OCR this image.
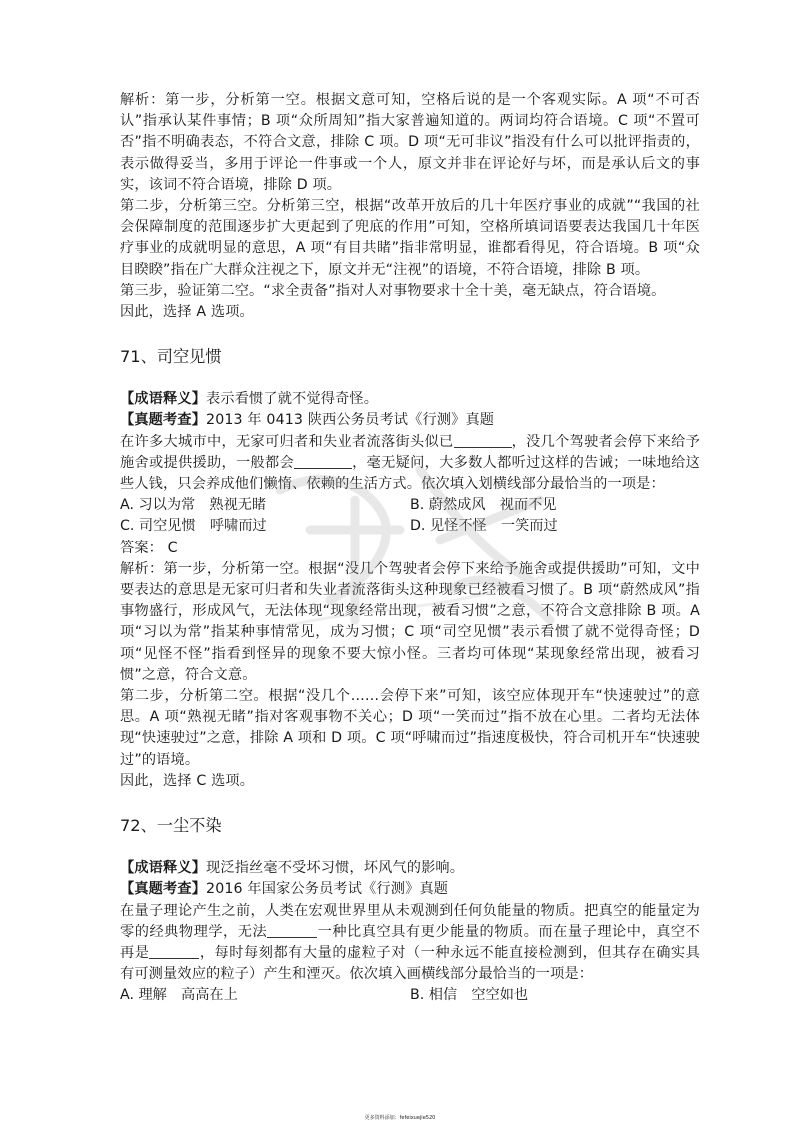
解析：第一步，分析第一空。根据文意可知，空格后说的是一个客观实际。A 项“不可否认”指承认某件事情；B 项“众所周知”指大家普遍知道的。两词均符合语境。C 项“不置可否”指不明确表态，不符合文意，排除 C 项。D 项“无可非议”指没有什么可以批评指责的，表示做得妥当，多用于评论一件事或一个人，原文并非在评论好与坏，而是承认后文的事实，该词不符合语境，排除 D 项。

第二步，分析第三空。分析第三空，根据“改革开放后的几十年医疗事业的成就”“我国的社会保障制度的范围逐步扩大更起到了兜底的作用”可知，空格所填词语要表达我国几十年医疗事业的成就明显的意思，A 项“有目共睹”指非常明显，谁都看得见，符合语境。B 项“众目睽睽”指在广大群众注视之下，原文并无“注视”的语境，不符合语境，排除 B 项。

第三步，验证第二空。“求全责备”指对人对事物要求十全十美，毫无缺点，符合语境。

因此，选择 A 选项。

71、司空见惯

【成语释义】表示看惯了就不觉得奇怪。

【真题考查】2013 年 0413 陕西公务员考试《行测》真题

在许多大城市中，无家可归者和失业者流落街头似已	，没几个驾驶者会停下来给予施舍或提供援助，一般都会	，毫无疑问，大多数人都听过这样的告诫；一味地给这些人钱，只会养成他们懒惰、依赖的生活方式。依次填入划横线部分最恰当的一项是：

A. 习以为常　熟视无睹	B. 蔚然成风　视而不见
C. 司空见惯　呼啸而过	D. 见怪不怪　一笑而过

答案： C

解析：第一步，分析第一空。根据“没几个驾驶者会停下来给予施舍或提供援助”可知，文中要表达的意思是无家可归者和失业者流落街头这种现象已经被看习惯了。B 项“蔚然成风”指事物盛行，形成风气，无法体现“现象经常出现，被看习惯”之意，不符合文意排除 B 项。A 项“习以为常”指某种事情常见，成为习惯；C 项“司空见惯”表示看惯了就不觉得奇怪；D 项“见怪不怪”指看到怪异的现象不要大惊小怪。三者均可体现“某现象经常出现，被看习惯”之意，符合文意。

第二步，分析第二空。根据“没几个……会停下来”可知，该空应体现开车“快速驶过”的意思。A 项“熟视无睹”指对客观事物不关心；D 项“一笑而过”指不放在心里。二者均无法体现“快速驶过”之意，排除 A 项和 D 项。C 项“呼啸而过”指速度极快，符合司机开车“快速驶过”的语境。

因此，选择 C 选项。

72、一尘不染

【成语释义】现泛指丝毫不受坏习惯，坏风气的影响。

【真题考查】2016 年国家公务员考试《行测》真题

在量子理论产生之前，人类在宏观世界里从未观测到任何负能量的物质。把真空的能量定为零的经典物理学，无法	一种比真空具有更少能量的物质。而在量子理论中，真空不再是	，每时每刻都有大量的虚粒子对（一种永远不能直接检测到，但其存在确实具有可测量效应的粒子）产生和湮灭。依次填入画横线部分最恰当的一项是：

A. 理解　高高在上	B. 相信　空空如也
更多资料添加：fefeixuejie520
